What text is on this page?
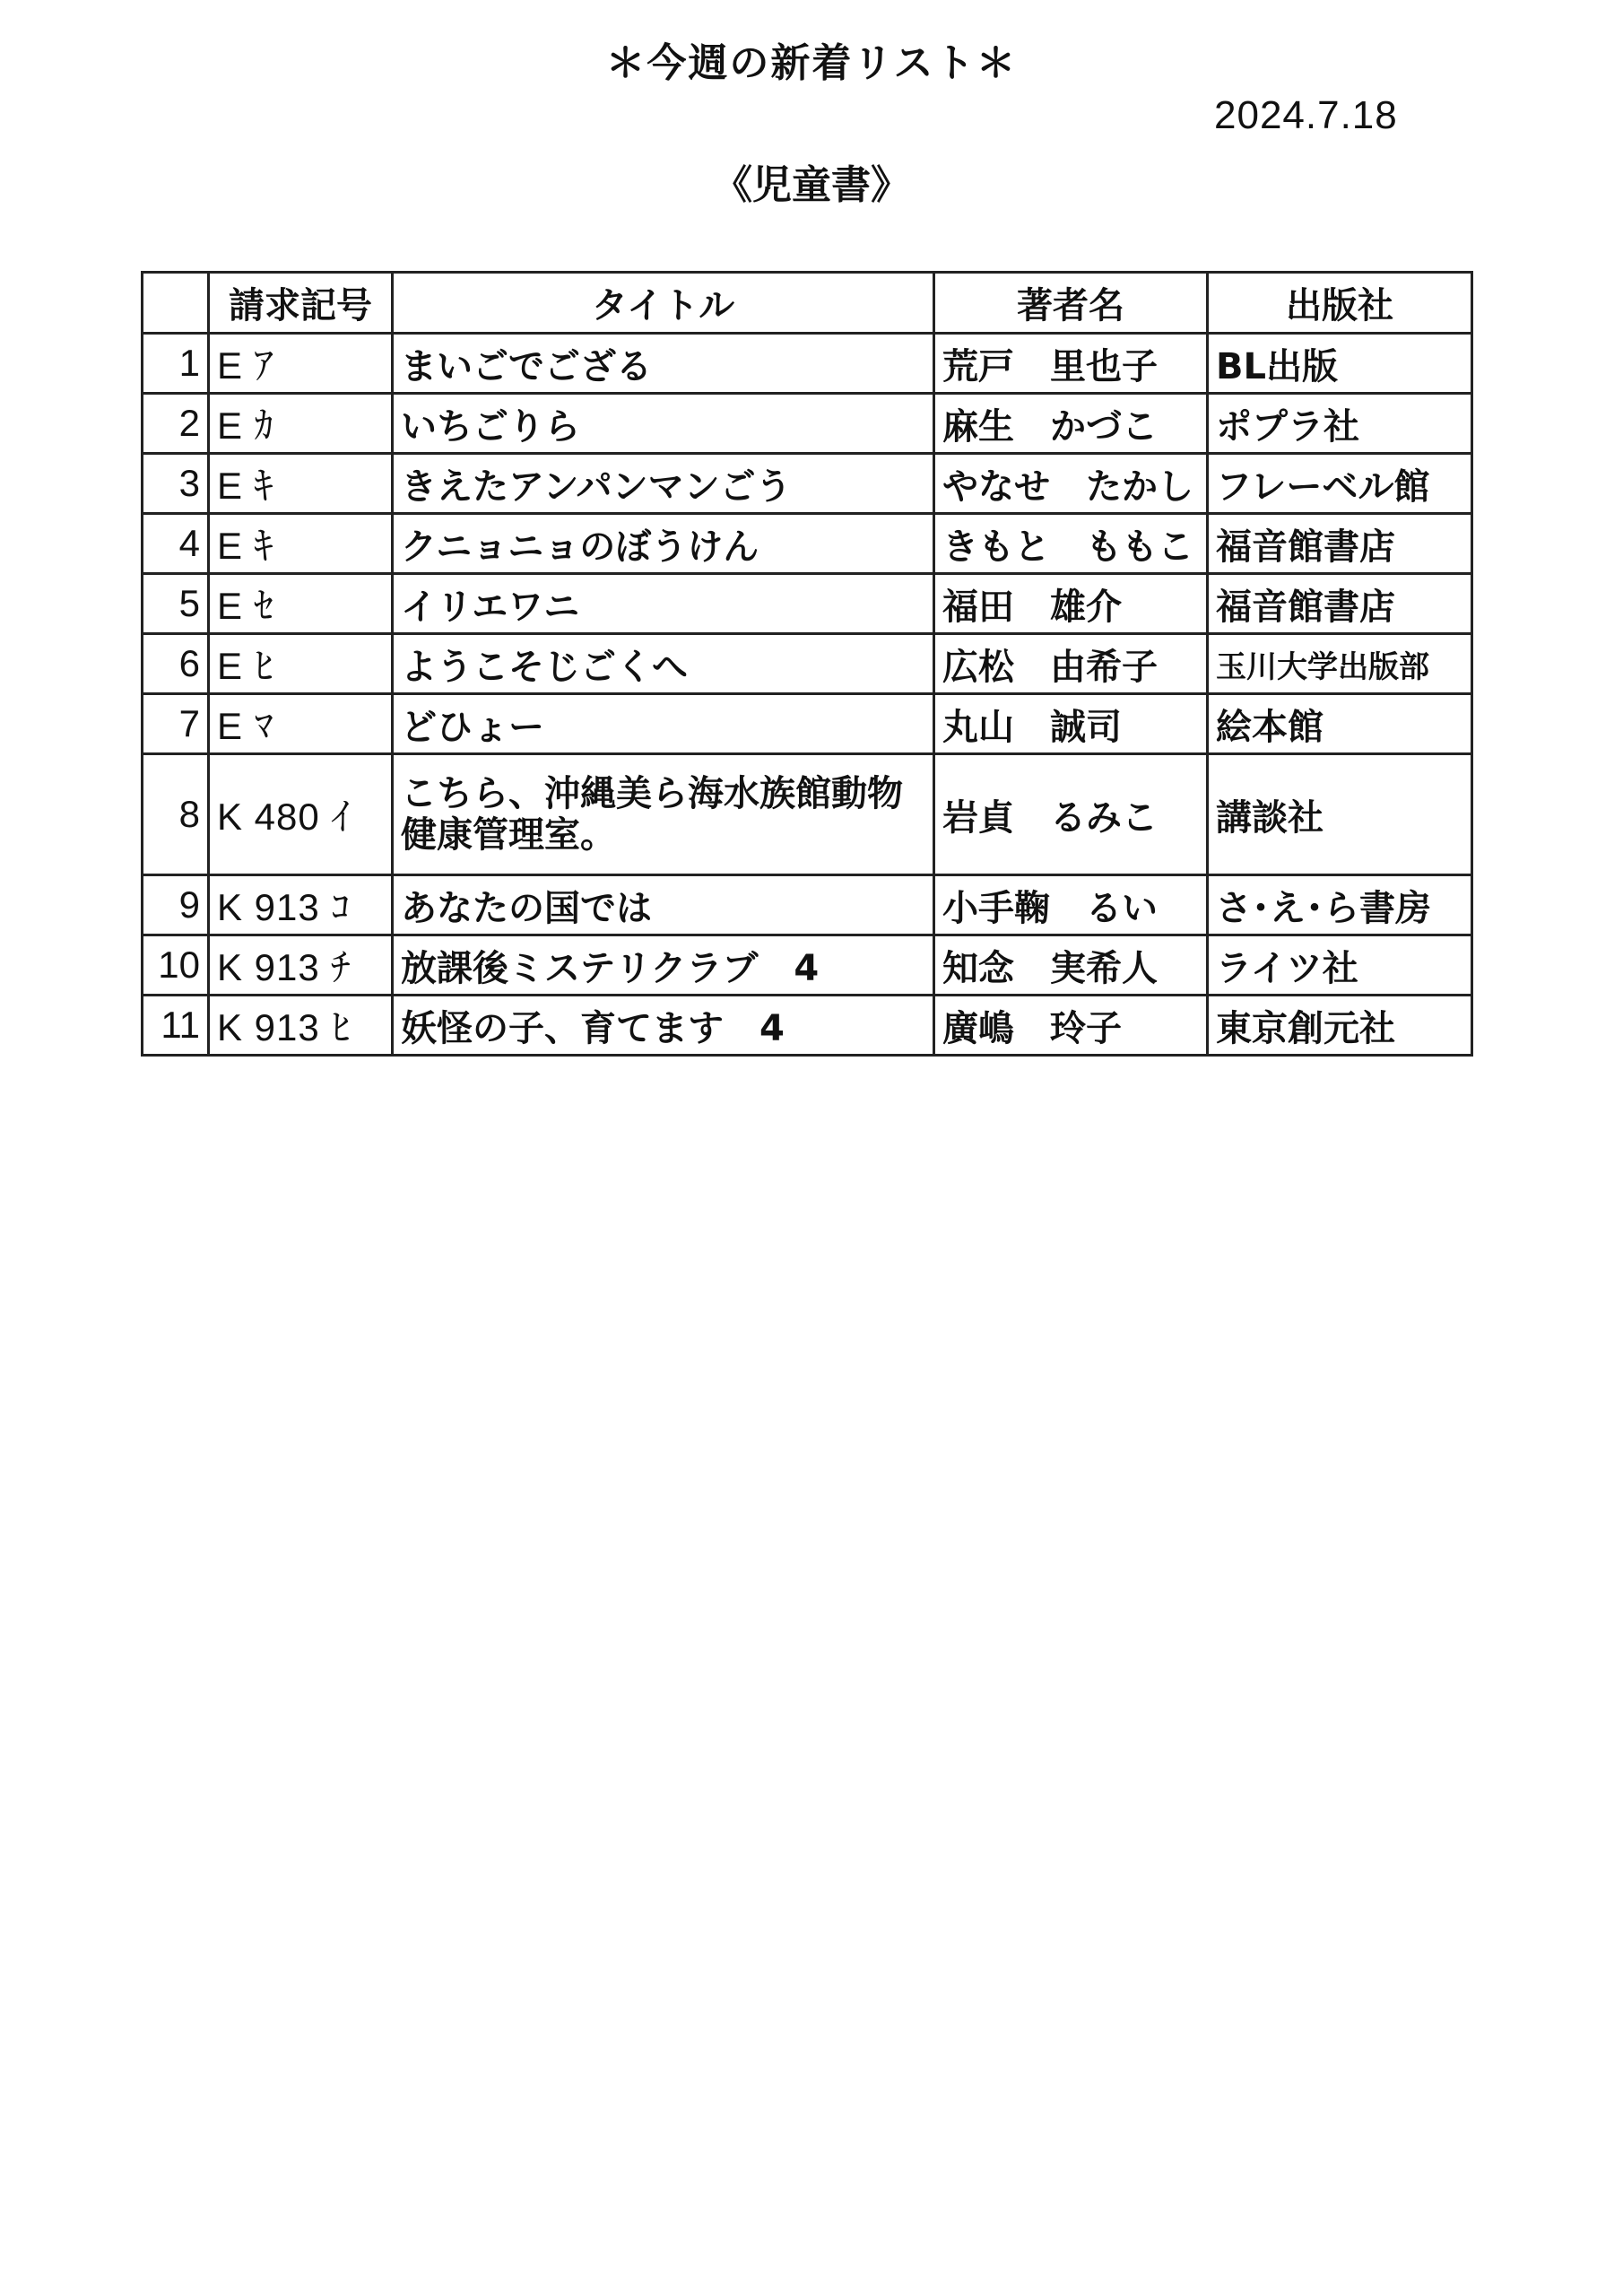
＊今週の新着リスト＊
2024.7.18
《児童書》
	請求記号	タイトル	著者名	出版社
1	E ｱ	まいごでござる	荒戸　里也子	BL出版
2	E ｶ	いちごりら	麻生　かづこ	ポプラ社
3	E ｷ	きえたアンパンマンごう	やなせ　たかし	フレーベル館
4	E ｷ	クニョニョのぼうけん	きもと　ももこ	福音館書店
5	E ｾ	イリエワニ	福田　雄介	福音館書店
6	E ﾋ	ようこそじごくへ	広松　由希子	玉川大学出版部
7	E ﾏ	どひょー	丸山　誠司	絵本館
8	K 480 ｲ	こちら、沖縄美ら海水族館動物健康管理室。	岩貞　るみこ	講談社
9	K 913 ｺ	あなたの国では	小手鞠　るい	さ･え･ら書房
10	K 913 ﾁ	放課後ミステリクラブ　4	知念　実希人	ライツ社
11	K 913 ﾋ	妖怪の子、育てます　4	廣嶋　玲子	東京創元社
